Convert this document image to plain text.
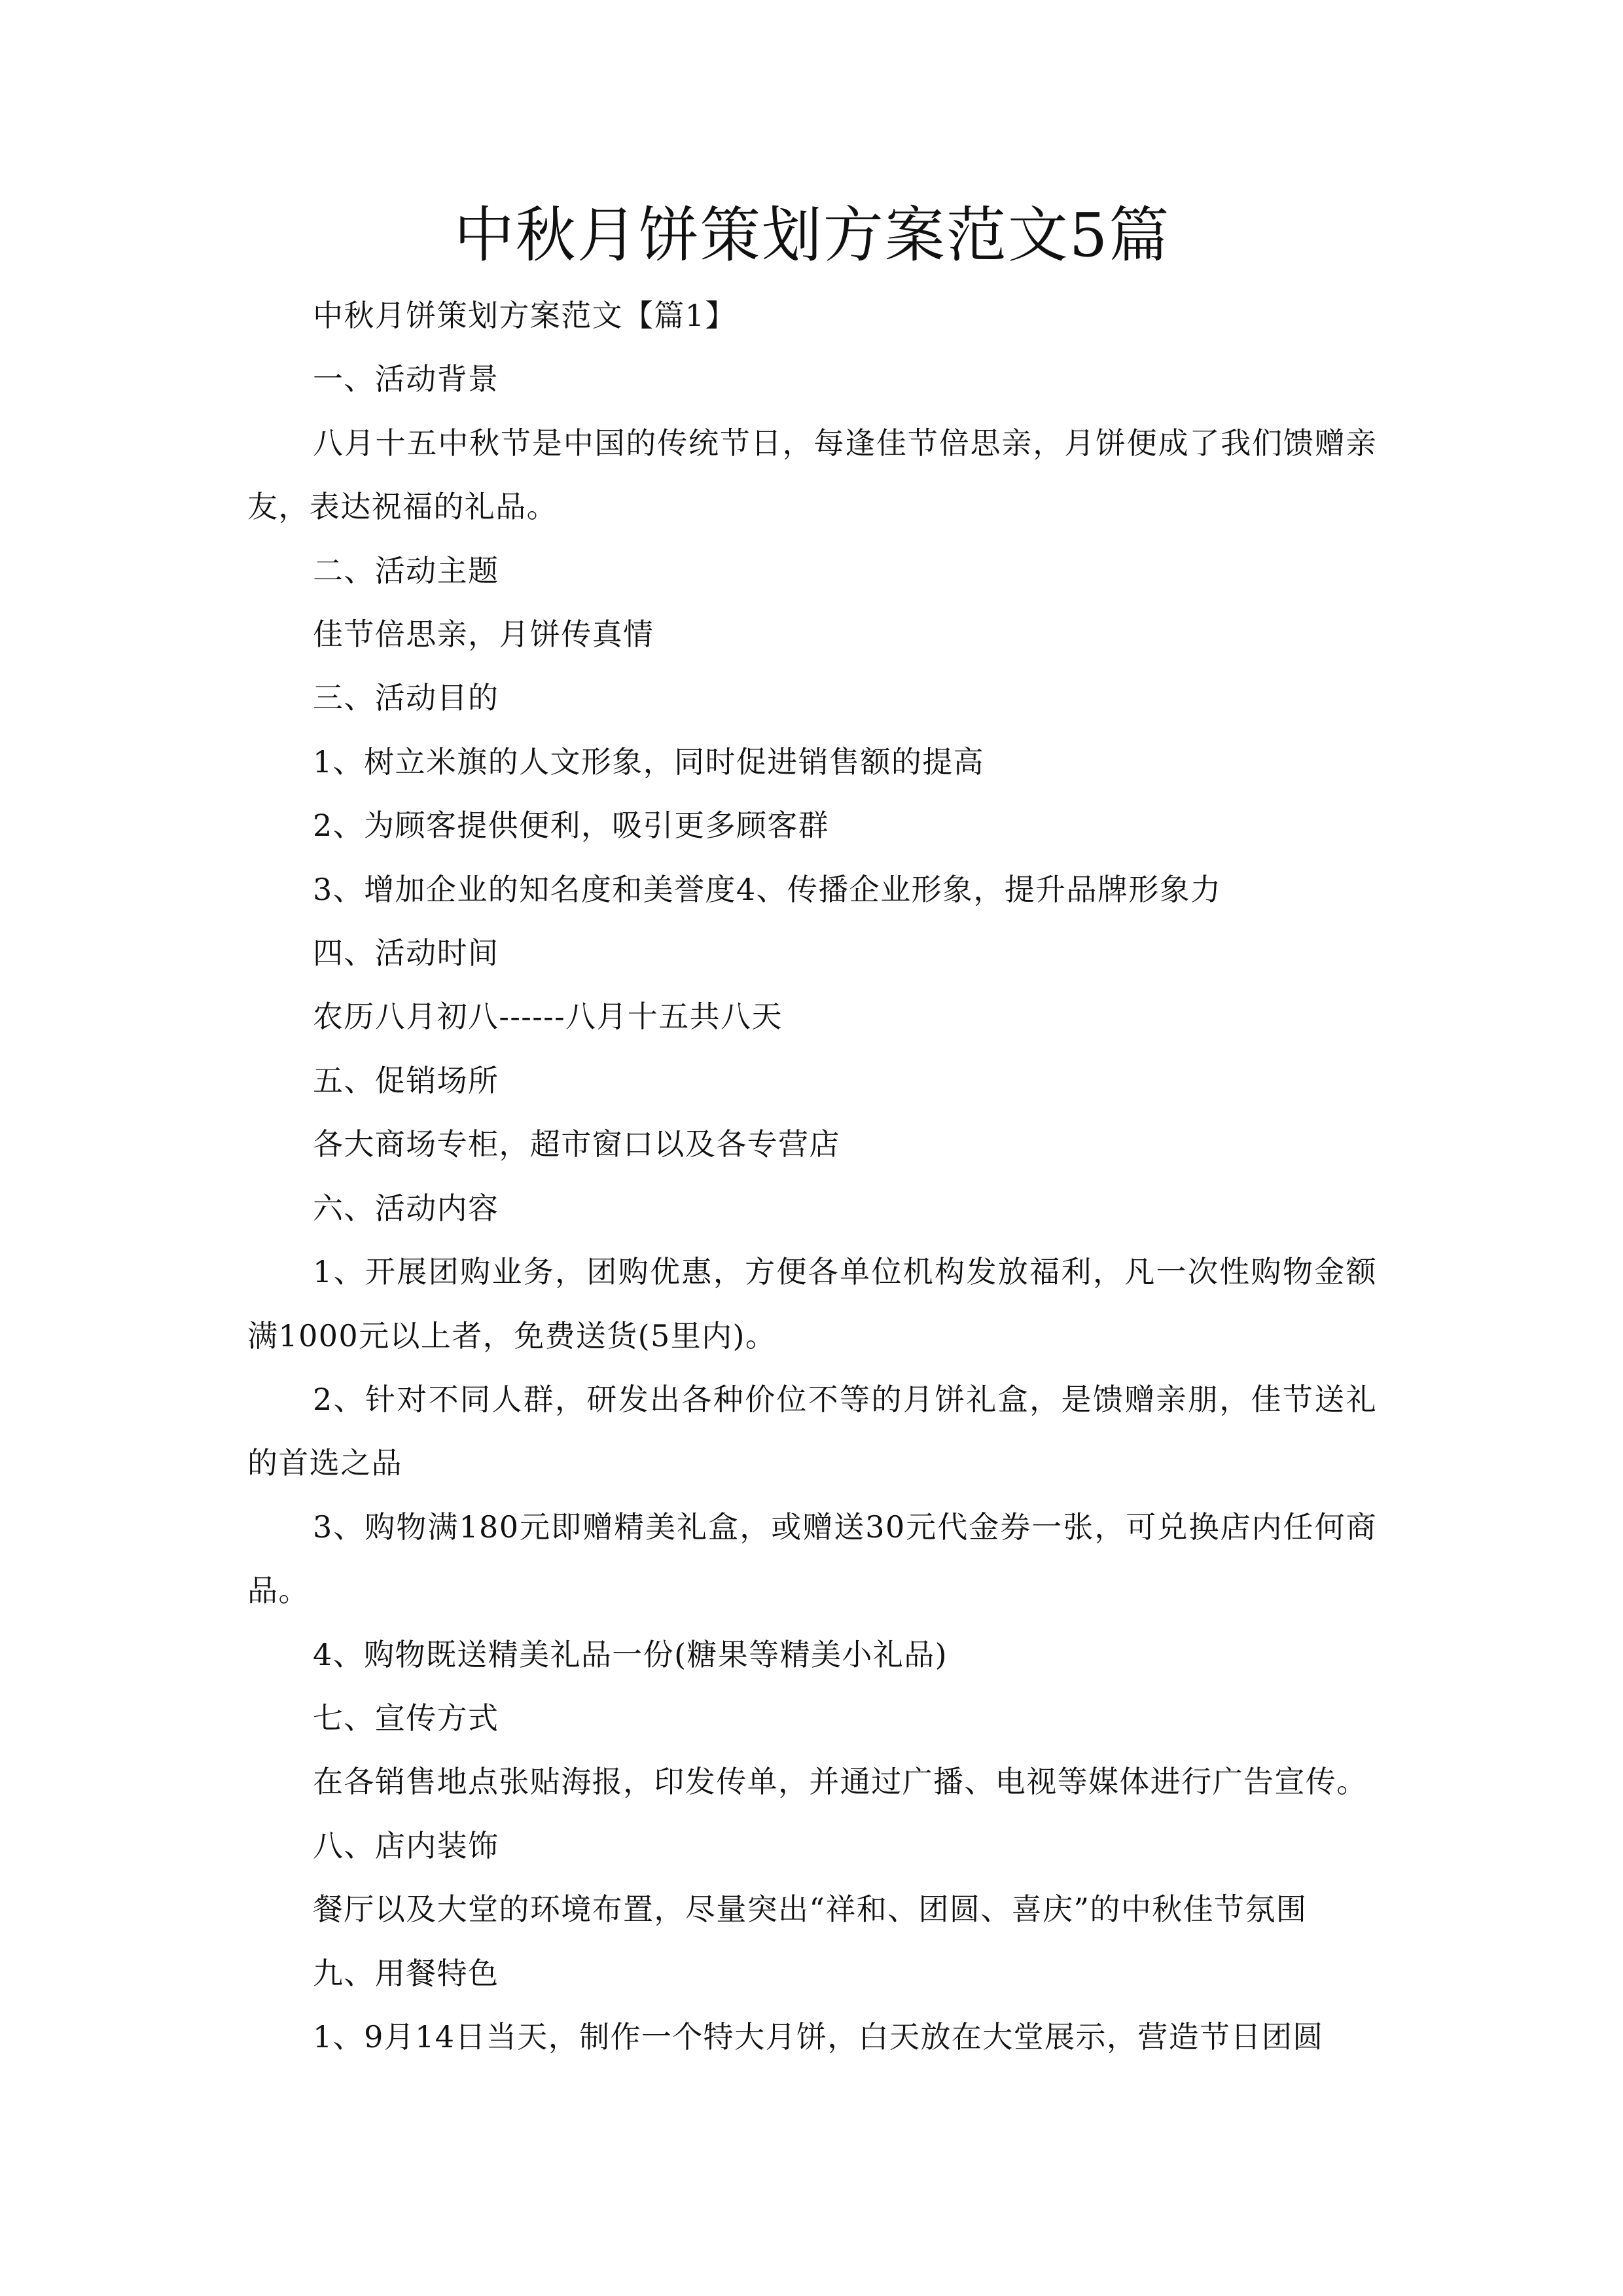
中秋月饼策划方案范文5篇

中秋月饼策划方案范文【篇1】

一、活动背景

八月十五中秋节是中国的传统节日，每逢佳节倍思亲，月饼便成了我们馈赠亲友，表达祝福的礼品。

二、活动主题

佳节倍思亲，月饼传真情

三、活动目的

1、树立米旗的人文形象，同时促进销售额的提高

2、为顾客提供便利，吸引更多顾客群

3、增加企业的知名度和美誉度4、传播企业形象，提升品牌形象力

四、活动时间

农历八月初八------八月十五共八天

五、促销场所

各大商场专柜，超市窗口以及各专营店

六、活动内容

1、开展团购业务，团购优惠，方便各单位机构发放福利，凡一次性购物金额满1000元以上者，免费送货(5里内)。

2、针对不同人群，研发出各种价位不等的月饼礼盒，是馈赠亲朋，佳节送礼的首选之品

3、购物满180元即赠精美礼盒，或赠送30元代金券一张，可兑换店内任何商品。

4、购物既送精美礼品一份(糖果等精美小礼品)

七、宣传方式

在各销售地点张贴海报，印发传单，并通过广播、电视等媒体进行广告宣传。

八、店内装饰

餐厅以及大堂的环境布置，尽量突出“祥和、团圆、喜庆”的中秋佳节氛围

九、用餐特色

1、9月14日当天，制作一个特大月饼，白天放在大堂展示，营造节日团圆
